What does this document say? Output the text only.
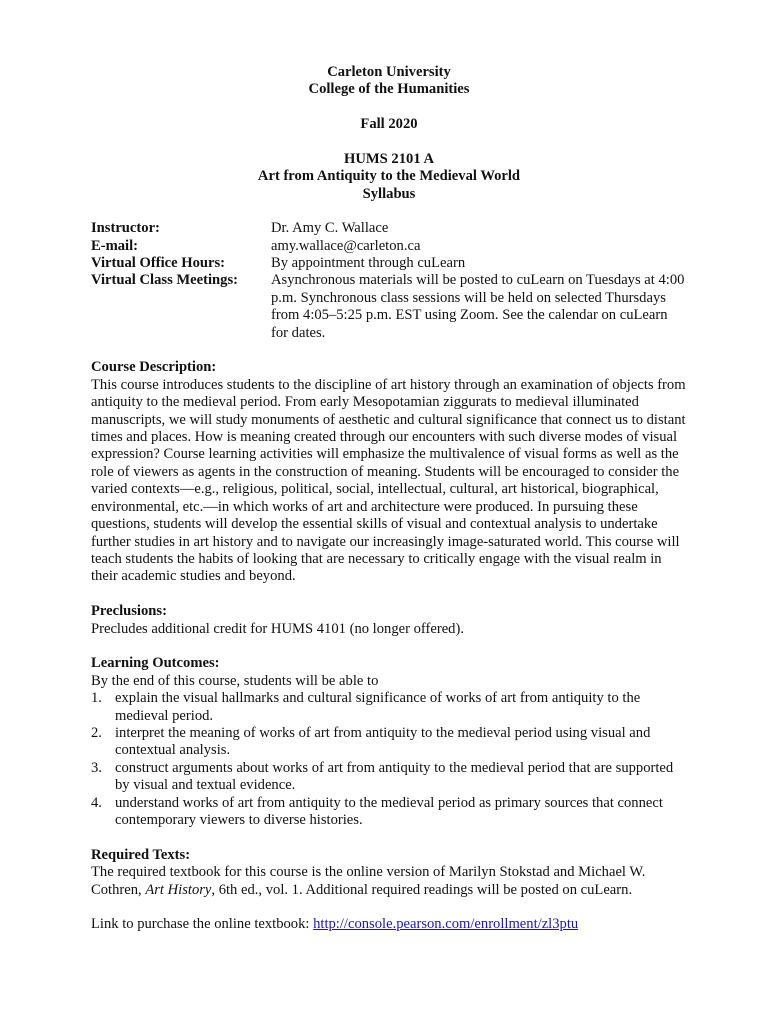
Carleton University
College of the Humanities
Fall 2020
HUMS 2101 A
Art from Antiquity to the Medieval World
Syllabus
Instructor:	Dr. Amy C. Wallace
E-mail:	amy.wallace@carleton.ca
Virtual Office Hours:	By appointment through cuLearn
Virtual Class Meetings:	Asynchronous materials will be posted to cuLearn on Tuesdays at 4:00 p.m. Synchronous class sessions will be held on selected Thursdays from 4:05–5:25 p.m. EST using Zoom. See the calendar on cuLearn for dates.
Course Description:

This course introduces students to the discipline of art history through an examination of objects from antiquity to the medieval period. From early Mesopotamian ziggurats to medieval illuminated manuscripts, we will study monuments of aesthetic and cultural significance that connect us to distant times and places. How is meaning created through our encounters with such diverse modes of visual expression? Course learning activities will emphasize the multivalence of visual forms as well as the role of viewers as agents in the construction of meaning. Students will be encouraged to consider the varied contexts—e.g., religious, political, social, intellectual, cultural, art historical, biographical, environmental, etc.—in which works of art and architecture were produced. In pursuing these questions, students will develop the essential skills of visual and contextual analysis to undertake further studies in art history and to navigate our increasingly image-saturated world. This course will teach students the habits of looking that are necessary to critically engage with the visual realm in their academic studies and beyond.

Preclusions:

Precludes additional credit for HUMS 4101 (no longer offered).

Learning Outcomes:

By the end of this course, students will be able to

1. explain the visual hallmarks and cultural significance of works of art from antiquity to the medieval period.
2. interpret the meaning of works of art from antiquity to the medieval period using visual and contextual analysis.
3. construct arguments about works of art from antiquity to the medieval period that are supported by visual and textual evidence.
4. understand works of art from antiquity to the medieval period as primary sources that connect contemporary viewers to diverse histories.
Required Texts:

The required textbook for this course is the online version of Marilyn Stokstad and Michael W. Cothren, Art History, 6th ed., vol. 1. Additional required readings will be posted on cuLearn.

Link to purchase the online textbook: http://console.pearson.com/enrollment/zl3ptu
